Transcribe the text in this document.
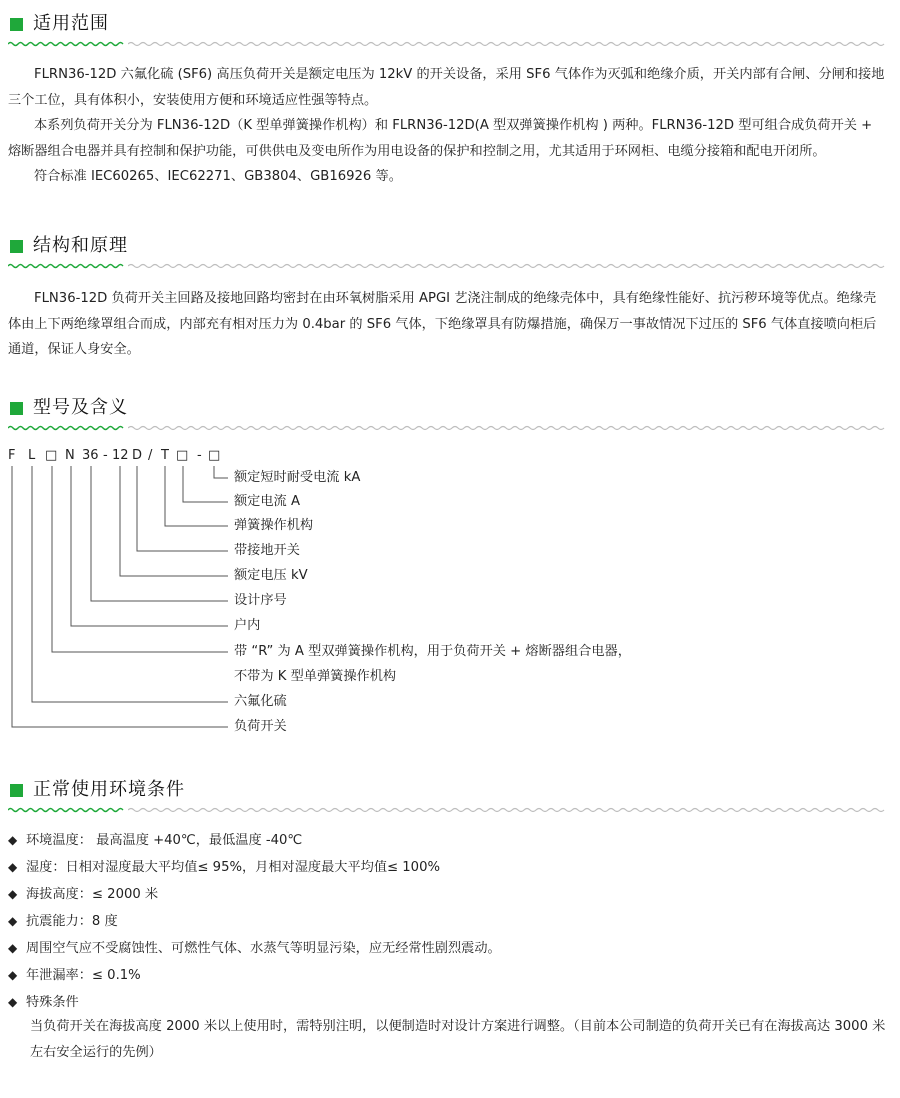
适用范围

FLRN36-12D 六氟化硫 (SF6) 高压负荷开关是额定电压为 12kV 的开关设备，采用 SF6 气体作为灭弧和绝缘介质，开关内部有合闸、分闸和接地三个工位，具有体积小，安装使用方便和环境适应性强等特点。

本系列负荷开关分为 FLN36-12D（K 型单弹簧操作机构）和 FLRN36-12D(A 型双弹簧操作机构 ) 两种。FLRN36-12D 型可组合成负荷开关 + 熔断器组合电器并具有控制和保护功能，可供供电及变电所作为用电设备的保护和控制之用，尤其适用于环网柜、电缆分接箱和配电开闭所。

符合标准 IEC60265、IEC62271、GB3804、GB16926 等。

结构和原理

FLN36-12D 负荷开关主回路及接地回路均密封在由环氧树脂采用 APGI 艺浇注制成的绝缘壳体中，具有绝缘性能好、抗污秽环境等优点。绝缘壳体由上下两绝缘罩组合而成，内部充有相对压力为 0.4bar 的 SF6 气体，下绝缘罩具有防爆措施，确保万一事故情况下过压的 SF6 气体直接喷向柜后通道，保证人身安全。

型号及含义
F L □ N 36 - 12 D / T □ - □
额定短时耐受电流 kA
额定电流 A
弹簧操作机构
带接地开关
额定电压 kV
设计序号
户内
带 “R” 为 A 型双弹簧操作机构，用于负荷开关 + 熔断器组合电器，
不带为 K 型单弹簧操作机构
六氟化硫
负荷开关
正常使用环境条件
◆ 环境温度： 最高温度 +40℃，最低温度 -40℃
◆ 湿度：日相对湿度最大平均值≤ 95%，月相对湿度最大平均值≤ 100%
◆ 海拔高度：≤ 2000 米
◆ 抗震能力：8 度
◆ 周围空气应不受腐蚀性、可燃性气体、水蒸气等明显污染，应无经常性剧烈震动。
◆ 年泄漏率：≤ 0.1%
◆ 特殊条件
当负荷开关在海拔高度 2000 米以上使用时，需特别注明，以便制造时对设计方案进行调整。（目前本公司制造的负荷开关已有在海拔高达 3000 米左右安全运行的先例）
